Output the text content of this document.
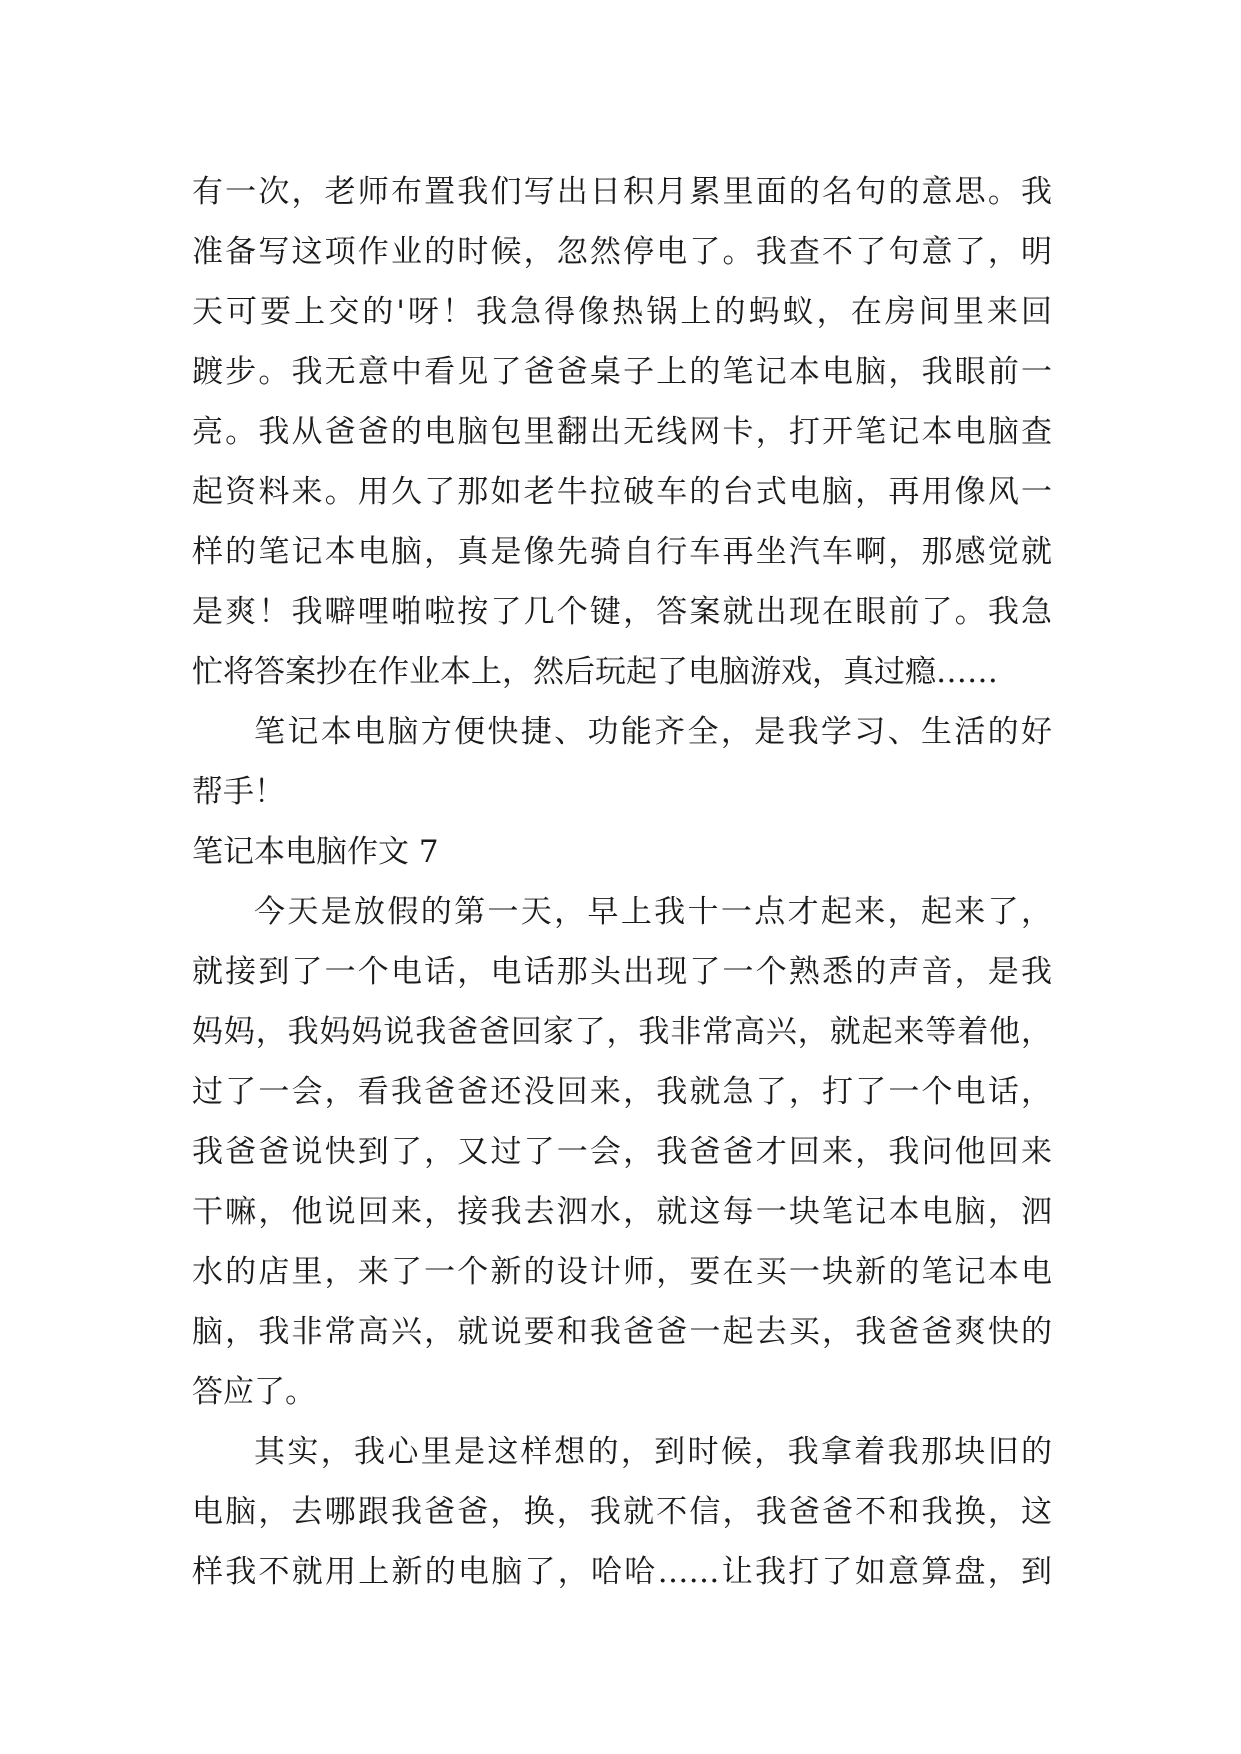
有一次，老师布置我们写出日积月累里面的名句的意思。我
准备写这项作业的时候，忽然停电了。我查不了句意了，明
天可要上交的'呀！我急得像热锅上的蚂蚁，在房间里来回
踱步。我无意中看见了爸爸桌子上的笔记本电脑，我眼前一
亮。我从爸爸的电脑包里翻出无线网卡，打开笔记本电脑查
起资料来。用久了那如老牛拉破车的台式电脑，再用像风一
样的笔记本电脑，真是像先骑自行车再坐汽车啊，那感觉就
是爽！我噼哩啪啦按了几个键，答案就出现在眼前了。我急
忙将答案抄在作业本上，然后玩起了电脑游戏，真过瘾……
笔记本电脑方便快捷、功能齐全，是我学习、生活的好
帮手！
笔记本电脑作文 7
今天是放假的第一天，早上我十一点才起来，起来了，
就接到了一个电话，电话那头出现了一个熟悉的声音，是我
妈妈，我妈妈说我爸爸回家了，我非常高兴，就起来等着他，
过了一会，看我爸爸还没回来，我就急了，打了一个电话，
我爸爸说快到了，又过了一会，我爸爸才回来，我问他回来
干嘛，他说回来，接我去泗水，就这每一块笔记本电脑，泗
水的店里，来了一个新的设计师，要在买一块新的笔记本电
脑，我非常高兴，就说要和我爸爸一起去买，我爸爸爽快的
答应了。
其实，我心里是这样想的，到时候，我拿着我那块旧的
电脑，去哪跟我爸爸，换，我就不信，我爸爸不和我换，这
样我不就用上新的电脑了，哈哈……让我打了如意算盘，到
